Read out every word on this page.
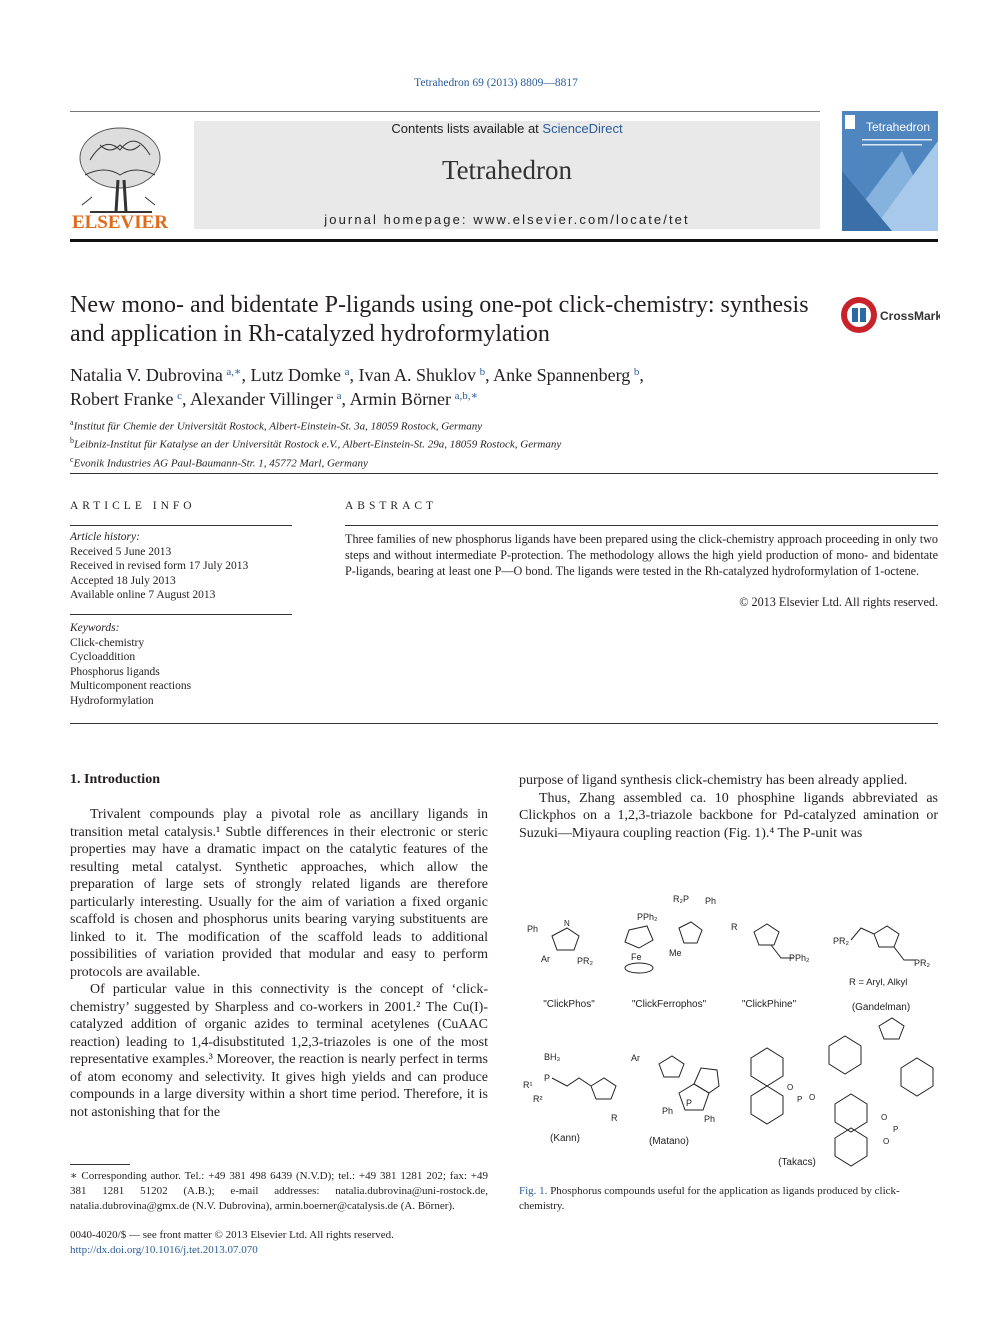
Tetrahedron 69 (2013) 8809—8817
ELSEVIER
Contents lists available at ScienceDirect
Tetrahedron
journal homepage: www.elsevier.com/locate/tet
Tetrahedron
New mono- and bidentate P-ligands using one-pot click-chemistry: synthesis and application in Rh-catalyzed hydroformylation
CrossMark
Natalia V. Dubrovina  $^{a,∗}$, Lutz Domke  $^a$, Ivan A. Shuklov  $^b$, Anke Spannenberg  $^b$,
Robert Franke  $^c$, Alexander Villinger  $^a$, Armin Börner  $^{a,b,∗}$
$^a$Institut für Chemie der Universität Rostock, Albert-Einstein-St. 3a, 18059 Rostock, Germany
$^b$Leibniz-Institut für Katalyse an der Universität Rostock e.V., Albert-Einstein-St. 29a, 18059 Rostock, Germany
$^c$Evonik Industries AG Paul-Baumann-Str. 1, 45772 Marl, Germany
ARTICLE INFO
Article history:
Received 5 June 2013
Received in revised form 17 July 2013
Accepted 18 July 2013
Available online 7 August 2013
Keywords:
Click-chemistry
Cycloaddition
Phosphorus ligands
Multicomponent reactions
Hydroformylation
ABSTRACT
Three families of new phosphorus ligands have been prepared using the click-chemistry approach proceeding in only two steps and without intermediate P-protection. The methodology allows the high yield production of mono- and bidentate P-ligands, bearing at least one P—O bond. The ligands were tested in the Rh-catalyzed hydroformylation of 1-octene.
© 2013 Elsevier Ltd. All rights reserved.
1. Introduction

Trivalent compounds play a pivotal role as ancillary ligands in transition metal catalysis.¹ Subtle differences in their electronic or steric properties may have a dramatic impact on the catalytic features of the resulting metal catalyst. Synthetic approaches, which allow the preparation of large sets of strongly related ligands are therefore particularly interesting. Usually for the aim of variation a fixed organic scaffold is chosen and phosphorus units bearing varying substituents are linked to it. The modification of the scaffold leads to additional possibilities of variation provided that modular and easy to perform protocols are available.

Of particular value in this connectivity is the concept of ‘click-chemistry’ suggested by Sharpless and co-workers in 2001.² The Cu(I)-catalyzed addition of organic azides to terminal acetylenes (CuAAC reaction) leading to 1,4-disubstituted 1,2,3-triazoles is one of the most representative examples.³ Moreover, the reaction is nearly perfect in terms of atom economy and selectivity. It gives high yields and can produce compounds in a large diversity within a short time period. Therefore, it is not astonishing that for the

purpose of ligand synthesis click-chemistry has been already applied.

Thus, Zhang assembled ca. 10 phosphine ligands abbreviated as Clickphos on a 1,2,3-triazole backbone for Pd-catalyzed amination or Suzuki—Miyaura coupling reaction (Fig. 1).⁴ The P-unit was

Ph
Ar	PR₂
N
"ClickPhos"
Fe
PPh₂
R₂P Ph
Me
"ClickFerrophos"
R
PPh₂
"ClickPhine"
PR₂
PR₂
R = Aryl, Alkyl
(Gandelman)
BH₃
P
R¹
R²
R
(Kann)
Ar
P
Ph
Ph
(Matano)
O
P O
O
P
O
(Takacs)
Fig. 1. Phosphorus compounds useful for the application as ligands produced by click-chemistry.
∗ Corresponding author. Tel.: +49 381 498 6439 (N.V.D); tel.: +49 381 1281 202; fax: +49 381 1281 51202 (A.B.); e-mail addresses: natalia.dubrovina@uni-rostock.de, natalia.dubrovina@gmx.de (N.V. Dubrovina), armin.boerner@catalysis.de (A. Börner).
0040-4020/$ — see front matter © 2013 Elsevier Ltd. All rights reserved.
http://dx.doi.org/10.1016/j.tet.2013.07.070
